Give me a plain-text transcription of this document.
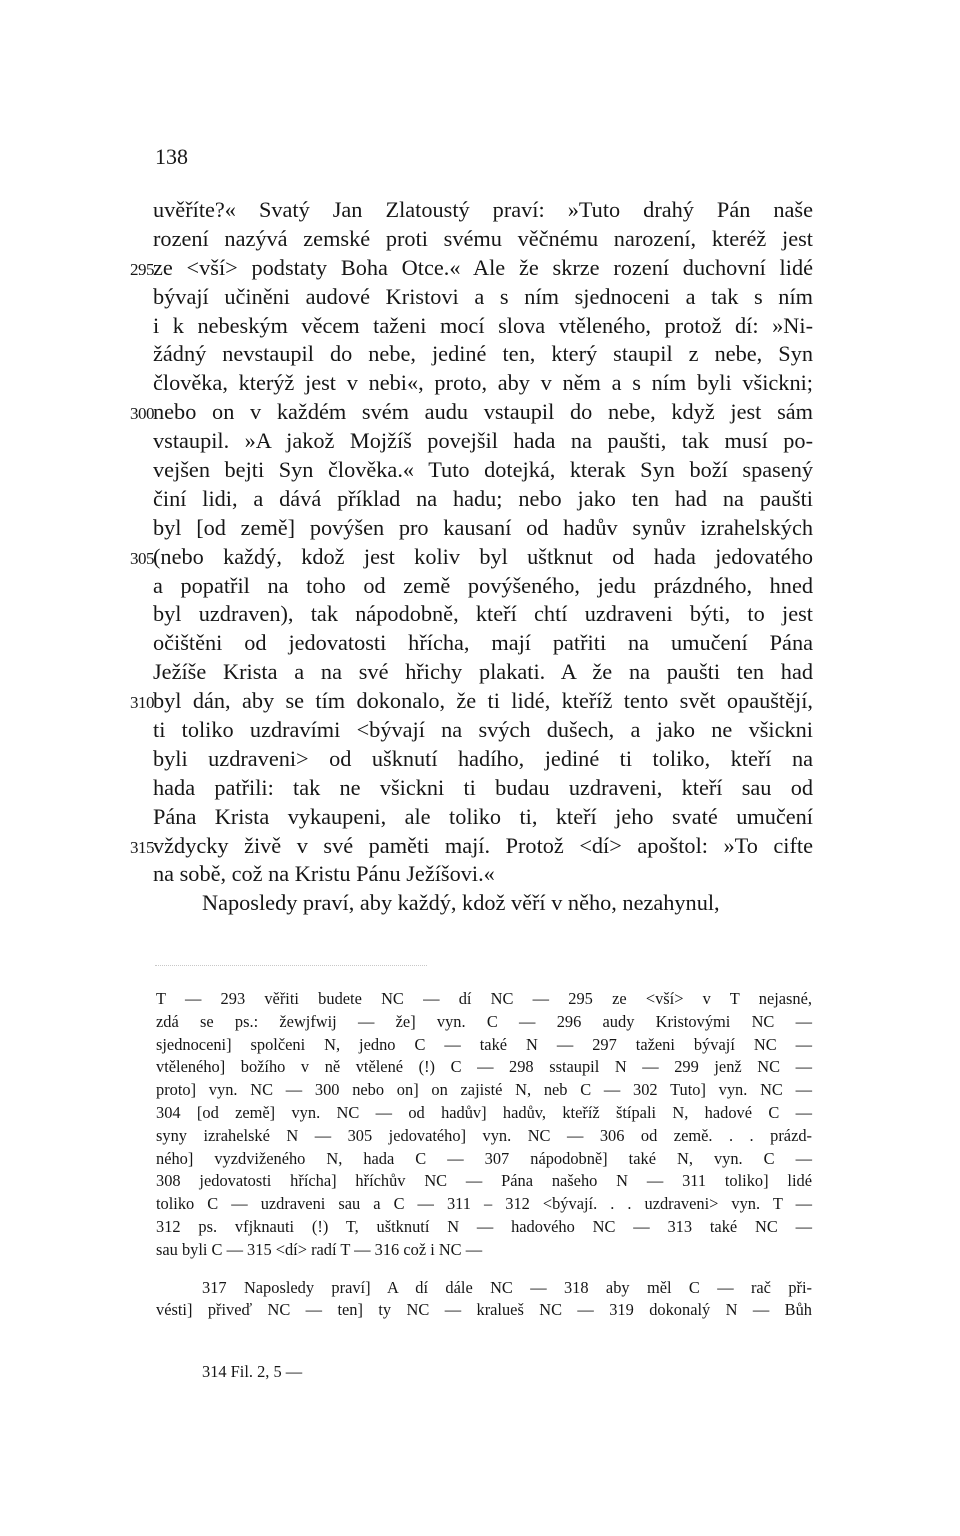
138
uvěříte?« Svatý Jan Zlatoustý praví: »Tuto drahý Pán naše
rození nazývá zemské proti svému věčnému narození, kteréž jest
295 ze <vší> podstaty Boha Otce.« Ale že skrze rození duchovní lidé
bývají učiněni audové Kristovi a s ním sjednoceni a tak s ním
i k nebeským věcem taženi mocí slova vtěleného, protož dí: »Ni-
žádný nevstaupil do nebe, jediné ten, který staupil z nebe, Syn
člověka, kterýž jest v nebi«, proto, aby v něm a s ním byli všickni;
300 nebo on v každém svém audu vstaupil do nebe, když jest sám
vstaupil. »A jakož Mojžíš povejšil hada na paušti, tak musí po-
vejšen bejti Syn člověka.« Tuto dotejká, kterak Syn boží spasený
činí lidi, a dává příklad na hadu; nebo jako ten had na paušti
byl [od země] povýšen pro kausaní od hadův synův izrahelských
305 (nebo každý, kdož jest koliv byl uštknut od hada jedovatého
a popatřil na toho od země povýšeného, jedu prázdného, hned
byl uzdraven), tak nápodobně, kteří chtí uzdraveni býti, to jest
očištěni od jedovatosti hřícha, mají patřiti na umučení Pána
Ježíše Krista a na své hřichy plakati. A že na paušti ten had
310 byl dán, aby se tím dokonalo, že ti lidé, kteříž tento svět opauštějí,
ti toliko uzdravími <bývají na svých dušech, a jako ne všickni
byli uzdraveni> od ušknutí hadího, jediné ti toliko, kteří na
hada patřili: tak ne všickni ti budau uzdraveni, kteří sau od
Pána Krista vykaupeni, ale toliko ti, kteří jeho svaté umučení
315 vždycky živě v své paměti mají. Protož <dí> apoštol: »To cifte
na sobě, což na Kristu Pánu Ježíšovi.«
Naposledy praví, aby každý, kdož věří v něho, nezahynul,
T — 293 věřiti budete NC — dí NC — 295 ze <vší> v T nejasné,
zdá se ps.: žewjfwij — že] vyn. C — 296 audy Kristovými NC —
sjednoceni] spolčeni N, jedno C — také N — 297 taženi bývají NC —
vtěleného] božího v ně vtělené (!) C — 298 sstaupil N — 299 jenž NC —
proto] vyn. NC — 300 nebo on] on zajisté N, neb C — 302 Tuto] vyn. NC —
304 [od země] vyn. NC — od hadův] hadův, kteříž štípali N, hadové C —
syny izrahelské N — 305 jedovatého] vyn. NC — 306 od země. . . prázd-
ného] vyzdviženého N, hada C — 307 nápodobně] také N, vyn. C —
308 jedovatosti hřícha] hříchův NC — Pána našeho N — 311 toliko] lidé
toliko C — uzdraveni sau a C — 311 – 312 <bývají. . . uzdraveni> vyn. T —
312 ps. vfjknauti (!) T, uštknutí N — hadového NC — 313 také NC —
sau byli C — 315 <dí> radí T — 316 což i NC —
317 Naposledy praví] A dí dále NC — 318 aby měl C — rač při-
vésti] přiveď NC — ten] ty NC — kralueš NC — 319 dokonalý N — Bůh
314 Fil. 2, 5 —
